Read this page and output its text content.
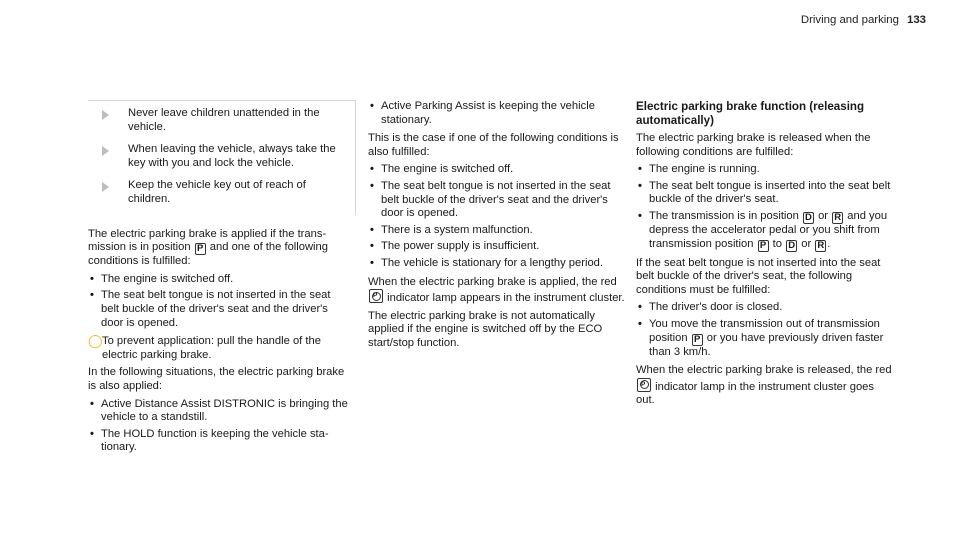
Driving and parking 133
Never leave children unattended in the vehicle.
When leaving the vehicle, always take the key with you and lock the vehicle.
Keep the vehicle key out of reach of children.

The electric parking brake is applied if the transmission is in position P and one of the following conditions is fulfilled:

• The engine is switched off.
• The seat belt tongue is not inserted in the seat belt buckle of the driver's seat and the driver's door is opened.
◯ To prevent application: pull the handle of the electric parking brake.

In the following situations, the electric parking brake is also applied:

• Active Distance Assist DISTRONIC is bringing the vehicle to a standstill.
• The HOLD function is keeping the vehicle stationary.
• Active Parking Assist is keeping the vehicle stationary.

This is the case if one of the following conditions is also fulfilled:

• The engine is switched off.
• The seat belt tongue is not inserted in the seat belt buckle of the driver's seat and the driver's door is opened.
• There is a system malfunction.
• The power supply is insufficient.
• The vehicle is stationary for a lengthy period.

When the electric parking brake is applied, the red P indicator lamp appears in the instrument cluster.

The electric parking brake is not automatically applied if the engine is switched off by the ECO start/stop function.

Electric parking brake function (releasing automatically)

The electric parking brake is released when the following conditions are fulfilled:

• The engine is running.
• The seat belt tongue is inserted into the seat belt buckle of the driver's seat.
• The transmission is in position D or R and you depress the accelerator pedal or you shift from transmission position P to D or R .

If the seat belt tongue is not inserted into the seat belt buckle of the driver's seat, the following conditions must be fulfilled:

• The driver's door is closed.
• You move the transmission out of transmission position P or you have previously driven faster than 3 km/h.

When the electric parking brake is released, the red P indicator lamp in the instrument cluster goes out.
